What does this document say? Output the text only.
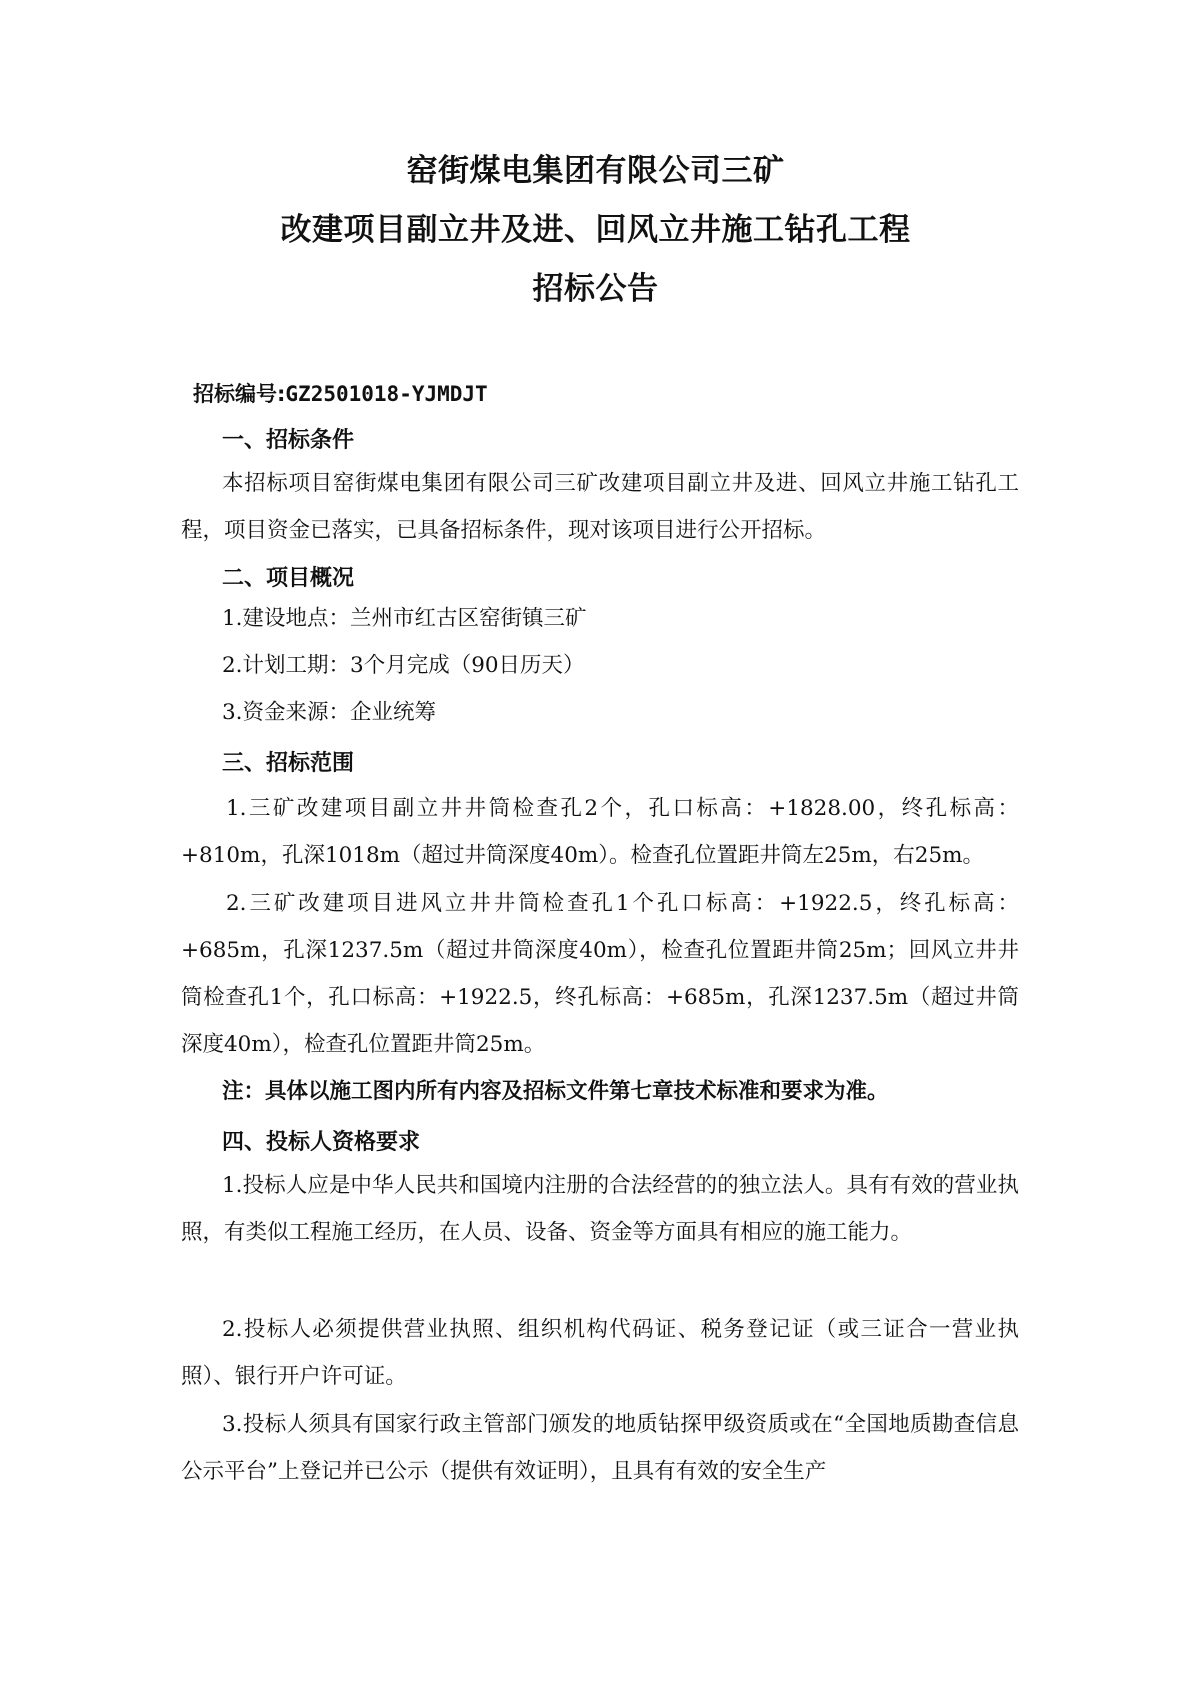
窑街煤电集团有限公司三矿
改建项目副立井及进、回风立井施工钻孔工程
招标公告
招标编号:GZ2501018-YJMDJT
一、招标条件

本招标项目窑街煤电集团有限公司三矿改建项目副立井及进、回风立井施工钻孔工程，项目资金已落实，已具备招标条件，现对该项目进行公开招标。

二、项目概况

1.建设地点：兰州市红古区窑街镇三矿

2.计划工期：3个月完成（90日历天）

3.资金来源：企业统筹

三、招标范围

1.三矿改建项目副立井井筒检查孔2个，孔口标高：+1828.00，终孔标高：+810m，孔深1018m（超过井筒深度40m）。检查孔位置距井筒左25m，右25m。

2.三矿改建项目进风立井井筒检查孔1个孔口标高：+1922.5，终孔标高：+685m，孔深1237.5m（超过井筒深度40m），检查孔位置距井筒25m；回风立井井筒检查孔1个，孔口标高：+1922.5，终孔标高：+685m，孔深1237.5m（超过井筒深度40m），检查孔位置距井筒25m。

注：具体以施工图内所有内容及招标文件第七章技术标准和要求为准。

四、投标人资格要求

1.投标人应是中华人民共和国境内注册的合法经营的的独立法人。具有有效的营业执照，有类似工程施工经历，在人员、设备、资金等方面具有相应的施工能力。

2.投标人必须提供营业执照、组织机构代码证、税务登记证（或三证合一营业执照）、银行开户许可证。

3.投标人须具有国家行政主管部门颁发的地质钻探甲级资质或在“全国地质勘查信息公示平台”上登记并已公示（提供有效证明），且具有有效的安全生产
